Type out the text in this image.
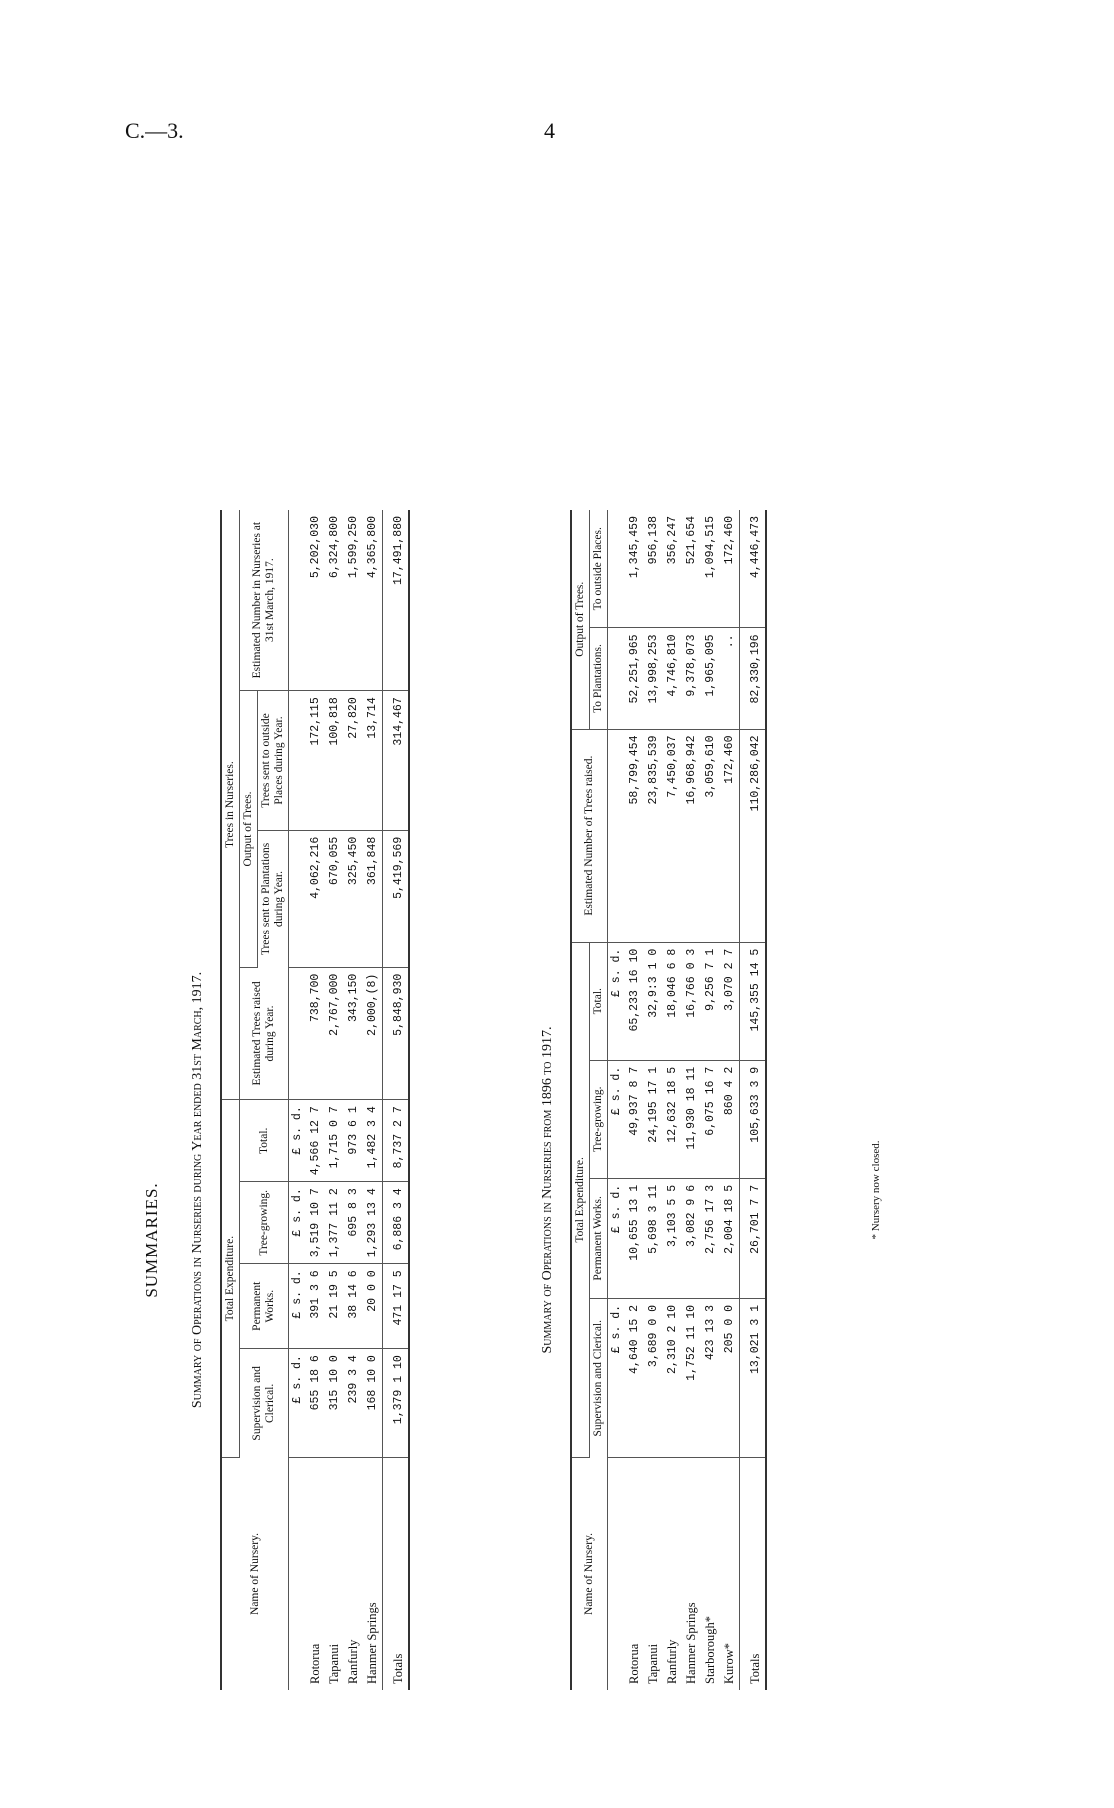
C.—3.	4
SUMMARIES. Summary of Operations in Nurseries during Year ended 31st March, 1917.
Name of Nursery.	Total Expenditure.				Trees in Nurseries.			
	Supervision and Clerical.	Permanent Works.	Tree-growing.	Total.	Estimated Trees raised during Year.	Output of Trees.		Estimated Number in Nurseries at 31st March, 1917.
						Trees sent to Plantations during Year.	Trees sent to outside Places during Year.	
	£ s. d.	£ s. d.	£ s. d.	£ s. d.				
Rotorua	655 18 6	391 3 6	3,519 10 7	4,566 12 7	738,700	4,062,216	172,115	5,202,030
Tapanui	315 10 0	21 19 5	1,377 11 2	1,715 0 7	2,767,000	670,055	100,818	6,324,800
Ranfurly	239 3 4	38 14 6	695 8 3	973 6 1	343,150	325,450	27,820	1,599,250
Hanmer Springs	168 10 0	20 0 0	1,293 13 4	1,482 3 4	2,000,(8)	361,848	13,714	4,365,800
Totals	1,379 1 10	471 17 5	6,886 3 4	8,737 2 7	5,848,930	5,419,569	314,467	17,491,880
Summary of Operations in Nurseries from 1896 to 1917.
Name of Nursery.	Total Expenditure.				Estimated Number of Trees raised.	Output of Trees.	
	Supervision and Clerical.	Permanent Works.	Tree-growing.	Total.		To Plantations.	To outside Places.
	£ s. d.	£ s. d.	£ s. d.	£ s. d.			
Rotorua	4,640 15 2	10,655 13 1	49,937 8 7	65,233 16 10	58,799,454	52,251,965	1,345,459
Tapanui	3,689 0 0	5,698 3 11	24,195 17 1	32,9:3 1 0	23,835,539	13,998,253	956,138
Ranfurly	2,310 2 10	3,103 5 5	12,632 18 5	18,046 6 8	7,450,037	4,746,810	356,247
Hanmer Springs	1,752 11 10	3,082 9 6	11,930 18 11	16,766 0 3	16,968,942	9,378,073	521,654
Starborough*	423 13 3	2,756 17 3	6,075 16 7	9,256 7 1	3,059,610	1,965,095	1,094,515
Kurow*	205 0 0	2,004 18 5	860 4 2	3,070 2 7	172,460	..	172,460
Totals	13,021 3 1	26,701 7 7	105,633 3 9	145,355 14 5	110,286,042	82,330,196	4,446,473
* Nursery now closed.
